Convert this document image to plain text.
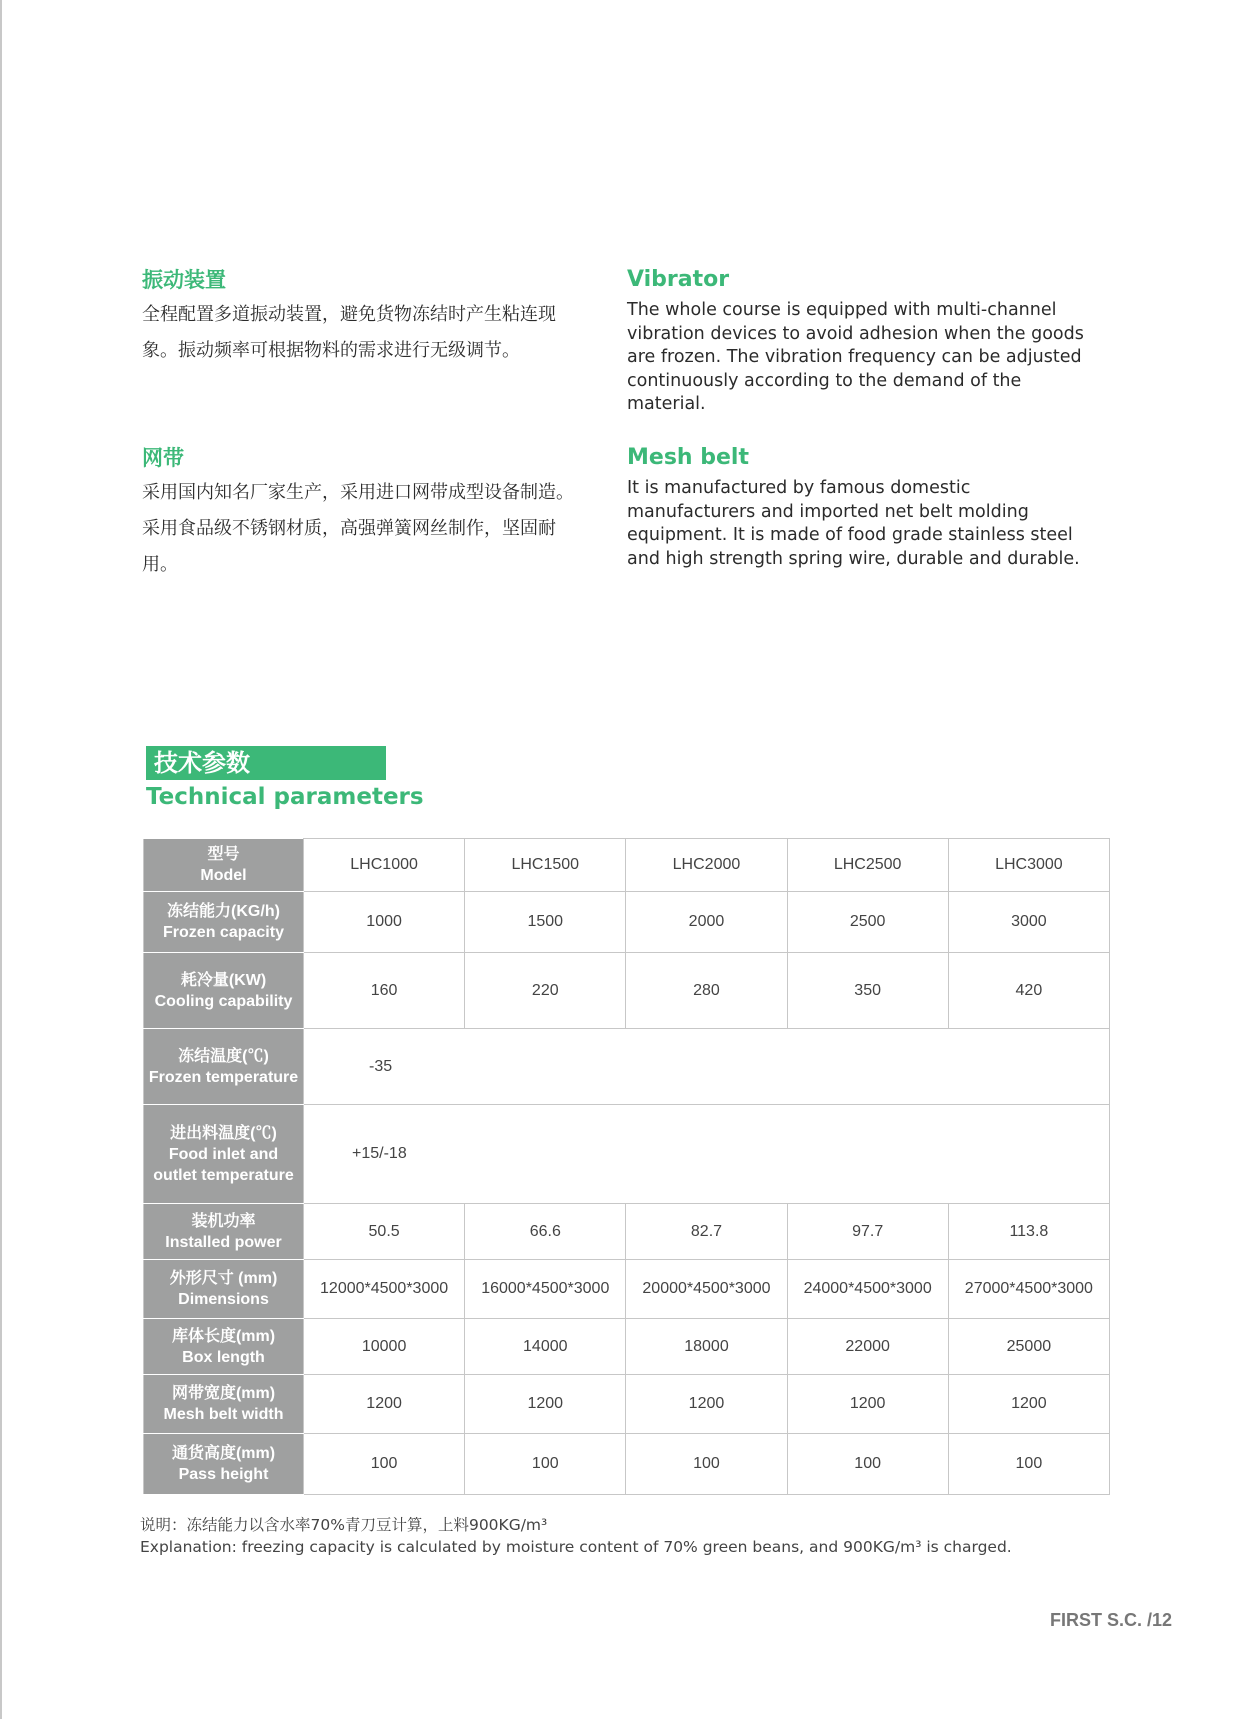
振动装置

全程配置多道振动装置，避免货物冻结时产生粘连现象。振动频率可根据物料的需求进行无级调节。

Vibrator

The whole course is equipped with multi-channel vibration devices to avoid adhesion when the goods are frozen. The vibration frequency can be adjusted continuously according to the demand of the material.

网带

采用国内知名厂家生产，采用进口网带成型设备制造。采用食品级不锈钢材质，高强弹簧网丝制作，坚固耐用。

Mesh belt

It is manufactured by famous domestic manufacturers and imported net belt molding equipment. It is made of food grade stainless steel and high strength spring wire, durable and durable.

技术参数
Technical parameters
型号
Model	LHC1000	LHC1500	LHC2000	LHC2500	LHC3000

冻结能力(KG/h)
Frozen capacity	1000	1500	2000	2500	3000

耗冷量(KW)
Cooling capability	160	220	280	350	420

冻结温度(℃)
Frozen temperature	-35				

进出料温度(℃)
Food inlet and outlet temperature	+15/-18				

装机功率
Installed power	50.5	66.6	82.7	97.7	113.8

外形尺寸 (mm)
Dimensions	12000*4500*3000	16000*4500*3000	20000*4500*3000	24000*4500*3000	27000*4500*3000

库体长度(mm)
Box length	10000	14000	18000	22000	25000

网带宽度(mm)
Mesh belt width	1200	1200	1200	1200	1200

通货高度(mm)
Pass height	100	100	100	100	100

说明：冻结能力以含水率70%青刀豆计算，上料900KG/m³

Explanation: freezing capacity is calculated by moisture content of 70% green beans, and 900KG/m³ is charged.

FIRST S.C. /12
